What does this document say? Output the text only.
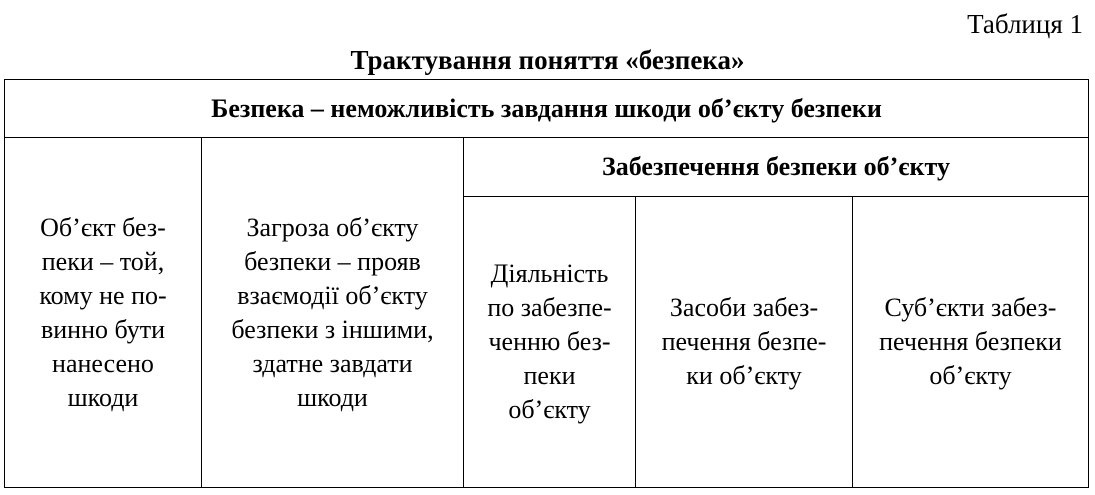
Таблиця 1
Трактування поняття «безпека»
Безпека – неможливість завдання шкоди об’єкту безпеки
Забезпечення безпеки об’єкту
Об’єкт без-
пеки – той,
кому не по-
винно бути
нанесено
шкоди
Загроза об’єкту
безпеки – прояв
взаємодії об’єкту
безпеки з іншими,
здатне завдати
шкоди
Діяльність
по забезпе-
ченню без-
пеки
об’єкту
Засоби забез-
печення безпе-
ки об’єкту
Суб’єкти забез-
печення безпеки
об’єкту
